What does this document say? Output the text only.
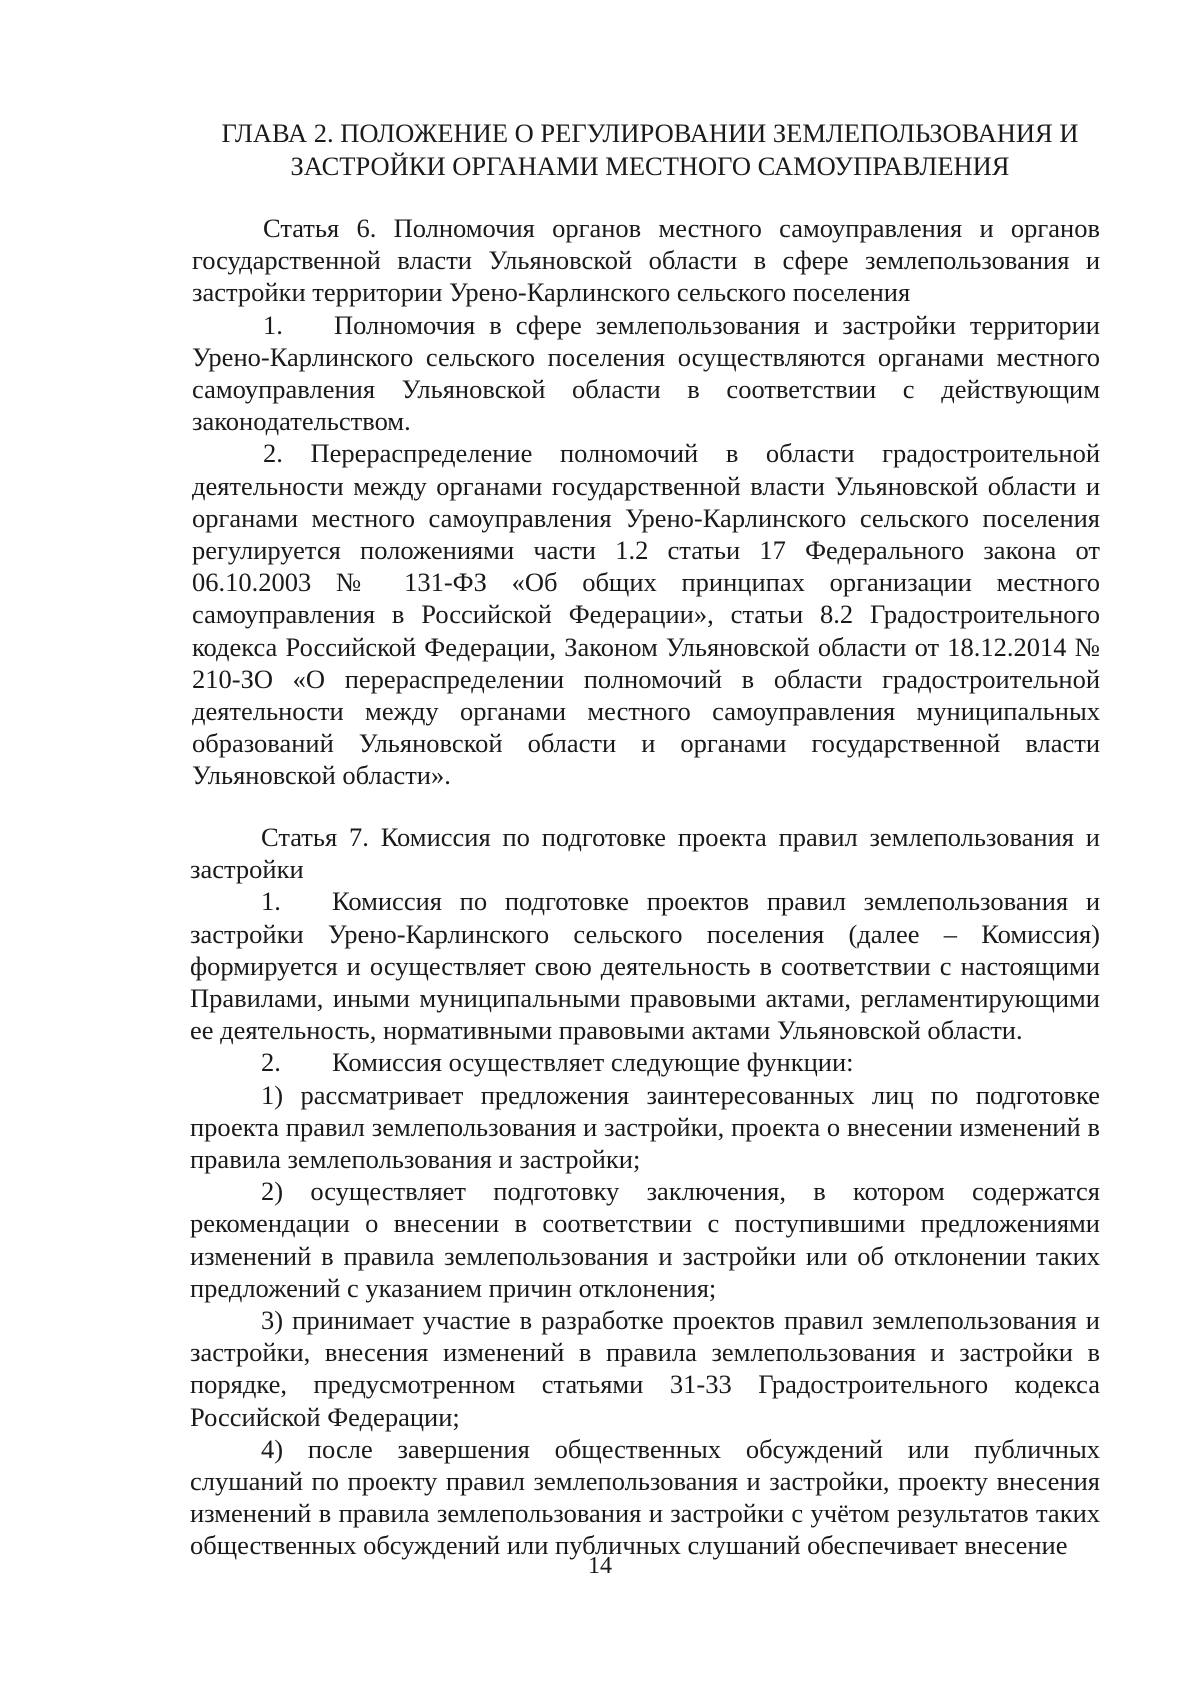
ГЛАВА 2. ПОЛОЖЕНИЕ О РЕГУЛИРОВАНИИ ЗЕМЛЕПОЛЬЗОВАНИЯ И
ЗАСТРОЙКИ ОРГАНАМИ МЕСТНОГО САМОУПРАВЛЕНИЯ

Статья 6. Полномочия органов местного самоуправления и органов государственной власти Ульяновской области в сфере землепользования и застройки территории Урено-Карлинского сельского поселения

1. Полномочия в сфере землепользования и застройки территории Урено-Карлинского сельского поселения осуществляются органами местного самоуправления Ульяновской области в соответствии с действующим законодательством.

2. Перераспределение полномочий в области градостроительной деятельности между органами государственной власти Ульяновской области и органами местного самоуправления Урено-Карлинского сельского поселения регулируется положениями части 1.2 статьи 17 Федерального закона от 06.10.2003 № 131-ФЗ «Об общих принципах организации местного самоуправления в Российской Федерации», статьи 8.2 Градостроительного кодекса Российской Федерации, Законом Ульяновской области от 18.12.2014 № 210-ЗО «О перераспределении полномочий в области градостроительной деятельности между органами местного самоуправления муниципальных образований Ульяновской области и органами государственной власти Ульяновской области».

Статья 7. Комиссия по подготовке проекта правил землепользования и застройки

1. Комиссия по подготовке проектов правил землепользования и застройки Урено-Карлинского сельского поселения (далее – Комиссия) формируется и осуществляет свою деятельность в соответствии с настоящими Правилами, иными муниципальными правовыми актами, регламентирующими ее деятельность, нормативными правовыми актами Ульяновской области.

2. Комиссия осуществляет следующие функции:

1) рассматривает предложения заинтересованных лиц по подготовке проекта правил землепользования и застройки, проекта о внесении изменений в правила землепользования и застройки;

2) осуществляет подготовку заключения, в котором содержатся рекомендации о внесении в соответствии с поступившими предложениями изменений в правила землепользования и застройки или об отклонении таких предложений с указанием причин отклонения;

3) принимает участие в разработке проектов правил землепользования и застройки, внесения изменений в правила землепользования и застройки в порядке, предусмотренном статьями 31-33 Градостроительного кодекса Российской Федерации;

4) после завершения общественных обсуждений или публичных слушаний по проекту правил землепользования и застройки, проекту внесения изменений в правила землепользования и застройки с учётом результатов таких общественных обсуждений или публичных слушаний обеспечивает внесение

14
